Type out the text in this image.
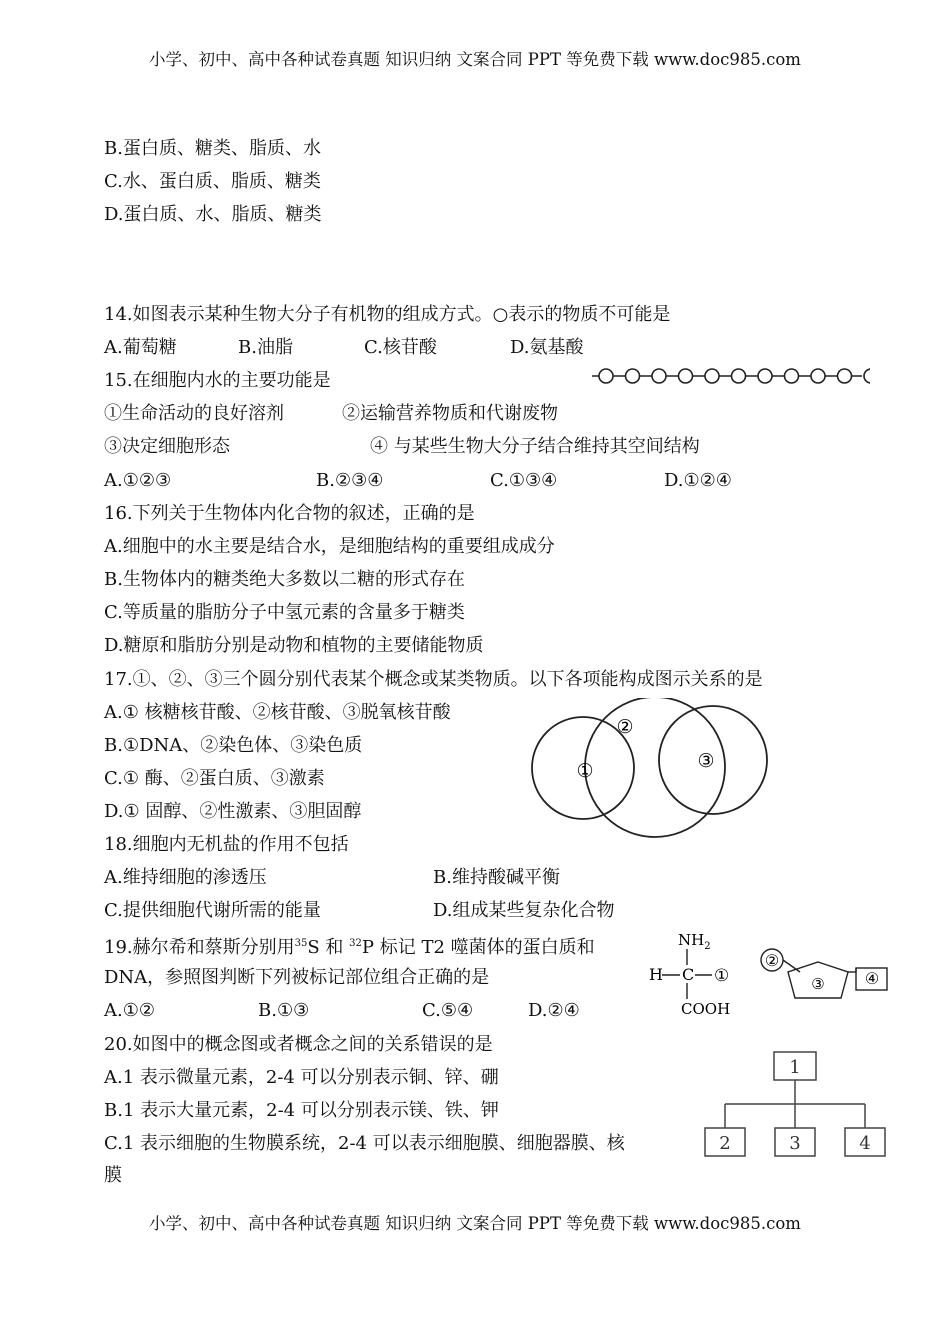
小学、初中、高中各种试卷真题 知识归纳 文案合同 PPT 等免费下载 www.doc985.com
B.蛋白质、糖类、脂质、水
C.水、蛋白质、脂质、糖类
D.蛋白质、水、脂质、糖类
14.如图表示某种生物大分子有机物的组成方式。○表示的物质不可能是
A.葡萄糖	B.油脂	C.核苷酸	D.氨基酸
15.在细胞内水的主要功能是
①生命活动的良好溶剂	②运输营养物质和代谢废物
③决定细胞形态	④ 与某些生物大分子结合维持其空间结构
A.①②③	B.②③④	C.①③④	D.①②④
16.下列关于生物体内化合物的叙述，正确的是
A.细胞中的水主要是结合水，是细胞结构的重要组成成分
B.生物体内的糖类绝大多数以二糖的形式存在
C.等质量的脂肪分子中氢元素的含量多于糖类
D.糖原和脂肪分别是动物和植物的主要储能物质
17.①、②、③三个圆分别代表某个概念或某类物质。以下各项能构成图示关系的是
A.① 核糖核苷酸、②核苷酸、③脱氧核苷酸
B.①DNA、②染色体、③染色质
C.① 酶、②蛋白质、③激素
D.① 固醇、②性激素、③胆固醇
①
②
③
18.细胞内无机盐的作用不包括
A.维持细胞的渗透压	B.维持酸碱平衡
C.提供细胞代谢所需的能量	D.组成某些复杂化合物
19.赫尔希和蔡斯分别用$^{35}$S 和 $^{32}$P 标记 T2 噬菌体的蛋白质和
DNA，参照图判断下列被标记部位组合正确的是
A.①②	B.①③	C.⑤④	D.②④
$NH_2$
H C ①
COOH
②
③	④
20.如图中的概念图或者概念之间的关系错误的是
A.1 表示微量元素，2-4 可以分别表示铜、锌、硼
B.1 表示大量元素，2-4 可以分别表示镁、铁、钾
C.1 表示细胞的生物膜系统，2-4 可以表示细胞膜、细胞器膜、核
膜
1
2	3	4
小学、初中、高中各种试卷真题 知识归纳 文案合同 PPT 等免费下载 www.doc985.com
